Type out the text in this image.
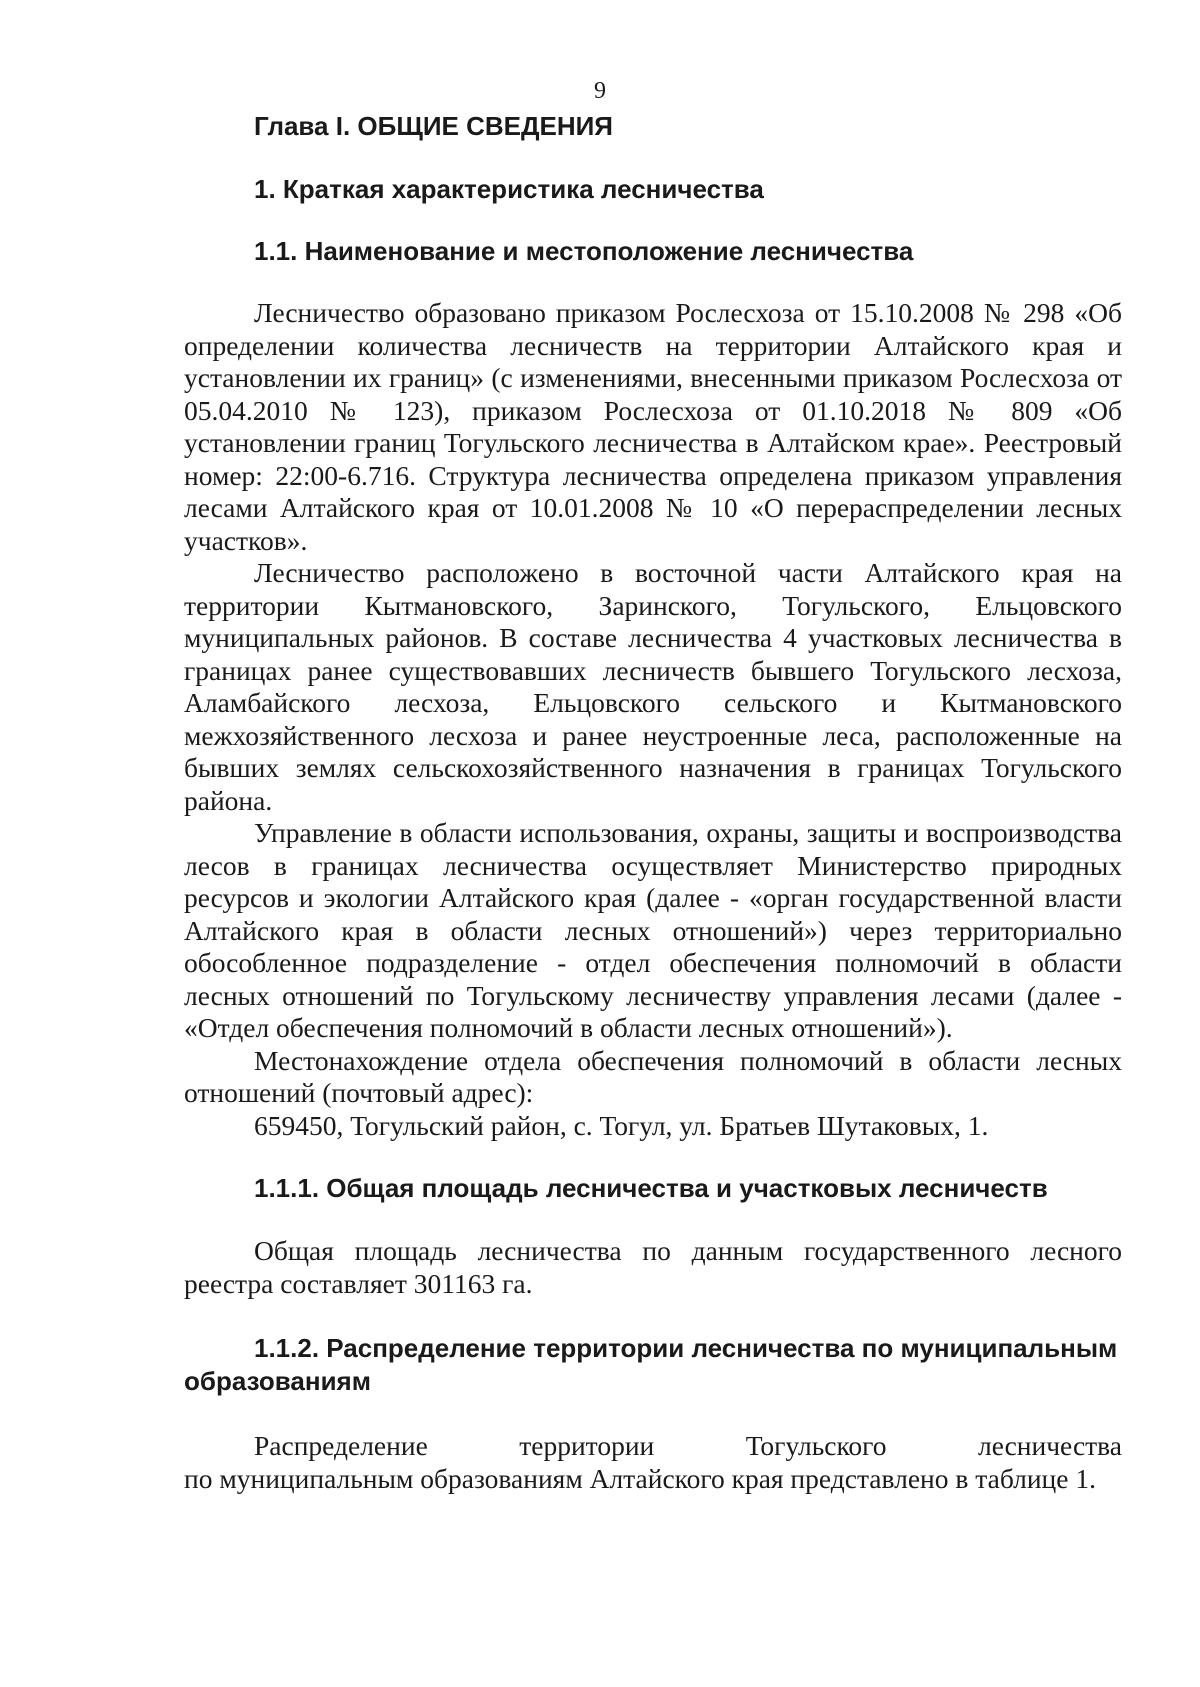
9
Глава I. ОБЩИЕ СВЕДЕНИЯ
1. Краткая характеристика лесничества
1.1. Наименование и местоположение лесничества

Лесничество образовано приказом Рослесхоза от 15.10.2008 № 298 «Об определении количества лесничеств на территории Алтайского края и установлении их границ» (с изменениями, внесенными приказом Рослесхоза от 05.04.2010 № 123), приказом Рослесхоза от 01.10.2018 № 809 «Об установлении границ Тогульского лесничества в Алтайском крае». Реестровый номер: 22:00-6.716. Структура лесничества определена приказом управления лесами Алтайского края от 10.01.2008 № 10 «О перераспределении лесных участков».

Лесничество расположено в восточной части Алтайского края на территории Кытмановского, Заринского, Тогульского, Ельцовского муниципальных районов. В составе лесничества 4 участковых лесничества в границах ранее существовавших лесничеств бывшего Тогульского лесхоза, Аламбайского лесхоза, Ельцовского сельского и Кытмановского межхозяйственного лесхоза и ранее неустроенные леса, расположенные на бывших землях сельскохозяйственного назначения в границах Тогульского района.

Управление в области использования, охраны, защиты и воспроизводства лесов в границах лесничества осуществляет Министерство природных ресурсов и экологии Алтайского края (далее - «орган государственной власти Алтайского края в области лесных отношений») через территориально обособленное подразделение - отдел обеспечения полномочий в области лесных отношений по Тогульскому лесничеству управления лесами (далее - «Отдел обеспечения полномочий в области лесных отношений»).

Местонахождение отдела обеспечения полномочий в области лесных отношений (почтовый адрес):

659450, Тогульский район, с. Тогул, ул. Братьев Шутаковых, 1.

1.1.1. Общая площадь лесничества и участковых лесничеств

Общая площадь лесничества по данным государственного лесного реестра составляет 301163 га.

1.1.2. Распределение территории лесничества по муниципальным образованиям

Распределение территории Тогульского лесничества
по муниципальным образованиям Алтайского края представлено в таблице 1.
